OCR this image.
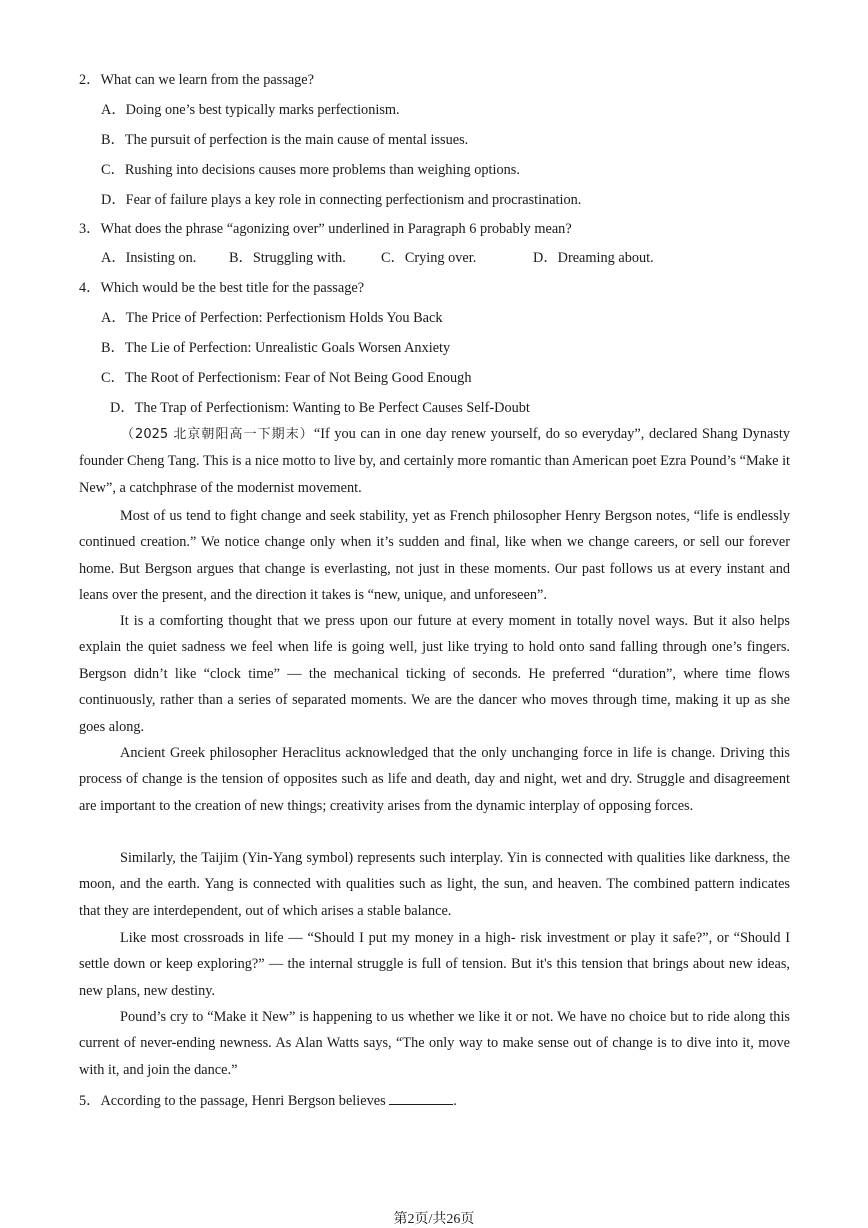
2．What can we learn from the passage?
A．Doing one’s best typically marks perfectionism.
B．The pursuit of perfection is the main cause of mental issues.
C．Rushing into decisions causes more problems than weighing options.
D．Fear of failure plays a key role in connecting perfectionism and procrastination.
3．What does the phrase “agonizing over” underlined in Paragraph 6 probably mean?
A．Insisting on. B．Struggling with. C．Crying over.	D．Dreaming about.
4．Which would be the best title for the passage?
A．The Price of Perfection: Perfectionism Holds You Back
B．The Lie of Perfection: Unrealistic Goals Worsen Anxiety
C．The Root of Perfectionism: Fear of Not Being Good Enough
D．The Trap of Perfectionism: Wanting to Be Perfect Causes Self-Doubt

（2025 北京朝阳高一下期末）“If you can in one day renew yourself, do so everyday”, declared Shang Dynasty founder Cheng Tang. This is a nice motto to live by, and certainly more romantic than American poet Ezra Pound’s “Make it New”, a catchphrase of the modernist movement.

Most of us tend to fight change and seek stability, yet as French philosopher Henry Bergson notes, “life is endlessly continued creation.” We notice change only when it’s sudden and final, like when we change careers, or sell our forever home. But Bergson argues that change is everlasting, not just in these moments. Our past follows us at every instant and leans over the present, and the direction it takes is “new, unique, and unforeseen”.

It is a comforting thought that we press upon our future at every moment in totally novel ways. But it also helps explain the quiet sadness we feel when life is going well, just like trying to hold onto sand falling through one’s fingers. Bergson didn’t like “clock time” — the mechanical ticking of seconds. He preferred “duration”, where time flows continuously, rather than a series of separated moments. We are the dancer who moves through time, making it up as she goes along.

Ancient Greek philosopher Heraclitus acknowledged that the only unchanging force in life is change. Driving this process of change is the tension of opposites such as life and death, day and night, wet and dry. Struggle and disagreement are important to the creation of new things; creativity arises from the dynamic interplay of opposing forces.

Similarly, the Taijim (Yin-Yang symbol) represents such interplay. Yin is connected with qualities like darkness, the moon, and the earth. Yang is connected with qualities such as light, the sun, and heaven. The combined pattern indicates that they are interdependent, out of which arises a stable balance.

Like most crossroads in life — “Should I put my money in a high- risk investment or play it safe?”, or “Should I settle down or keep exploring?” — the internal struggle is full of tension. But it's this tension that brings about new ideas, new plans, new destiny.

Pound’s cry to “Make it New” is happening to us whether we like it or not. We have no choice but to ride along this current of never-ending newness. As Alan Watts says, “The only way to make sense out of change is to dive into it, move with it, and join the dance.”

5．According to the passage, Henri Bergson believes	.
第2页/共26页
